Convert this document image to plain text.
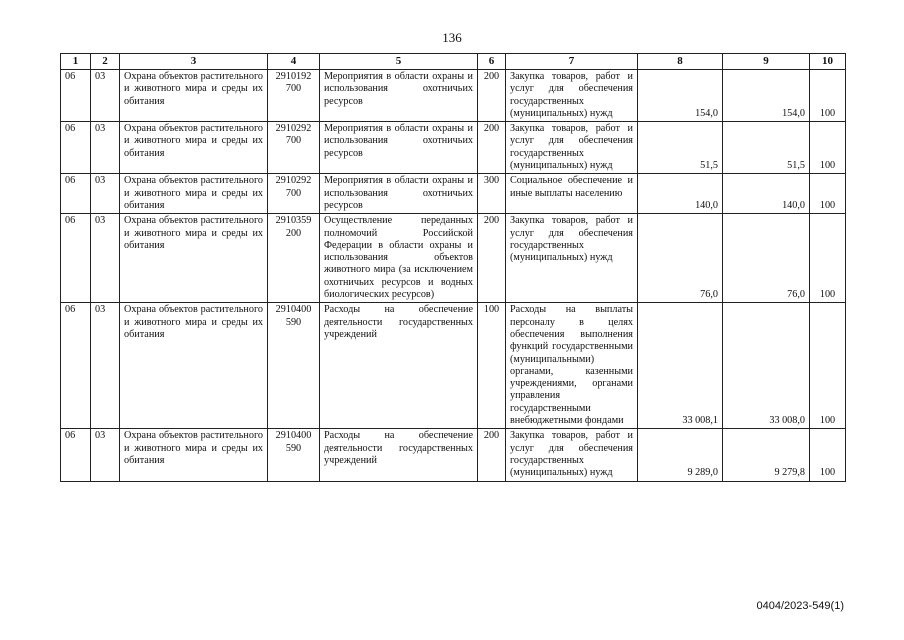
136
1	2	3	4	5	6	7	8	9	10
06	03	Охрана объектов растительного и животного мира и среды их обитания	2910192 700	Мероприятия в области охраны и использования охотничьих ресурсов	200	Закупка товаров, работ и услуг для обеспечения государственных (муниципальных) нужд	154,0	154,0	100
06	03	Охрана объектов растительного и животного мира и среды их обитания	2910292 700	Мероприятия в области охраны и использования охотничьих ресурсов	200	Закупка товаров, работ и услуг для обеспечения государственных (муниципальных) нужд	51,5	51,5	100
06	03	Охрана объектов растительного и животного мира и среды их обитания	2910292 700	Мероприятия в области охраны и использования охотничьих ресурсов	300	Социальное обеспечение и иные выплаты населению	140,0	140,0	100
06	03	Охрана объектов растительного и животного мира и среды их обитания	2910359 200	Осуществление переданных полномочий Российской Федерации в области охраны и использования объектов животного мира (за исключением охотничьих ресурсов и водных биологических ресурсов)	200	Закупка товаров, работ и услуг для обеспечения государственных (муниципальных) нужд	76,0	76,0	100
06	03	Охрана объектов растительного и животного мира и среды их обитания	2910400 590	Расходы на обеспечение деятельности государственных учреждений	100	Расходы на выплаты персоналу в целях обеспечения выполнения функций государственными (муниципальными) органами, казенными учреждениями, органами управления государственными внебюджетными фондами	33 008,1	33 008,0	100
06	03	Охрана объектов растительного и животного мира и среды их обитания	2910400 590	Расходы на обеспечение деятельности государственных учреждений	200	Закупка товаров, работ и услуг для обеспечения государственных (муниципальных) нужд	9 289,0	9 279,8	100
0404/2023-549(1)
